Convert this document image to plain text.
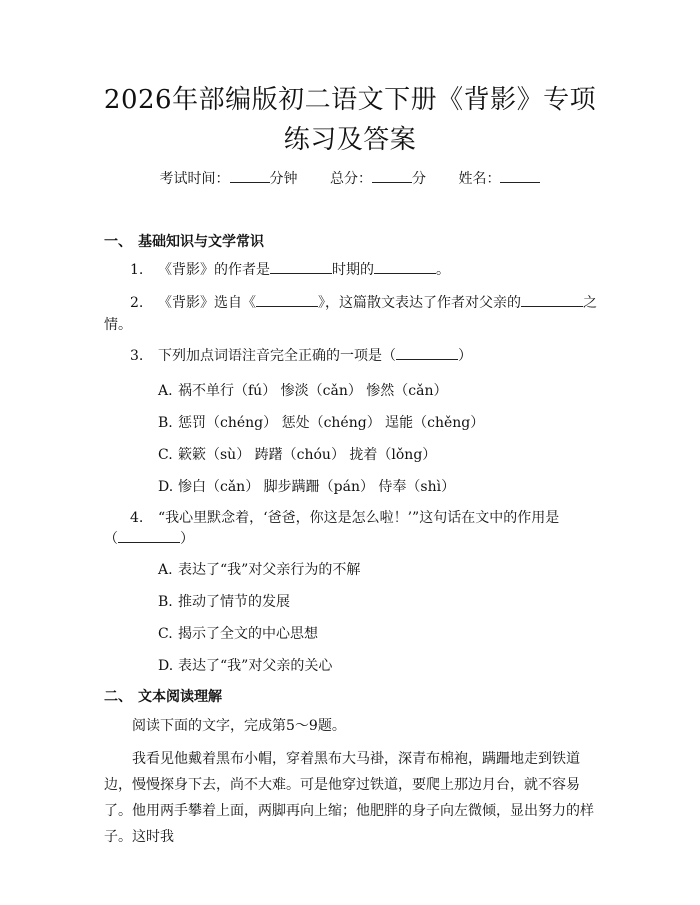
2026年部编版初二语文下册《背影》专项练习及答案
考试时间：	分钟 总分：	分 姓名：
一、 基础知识与文学常识
1. 《背影》的作者是	时期的	。
2. 《背影》选自《	》，这篇散文表达了作者对父亲的	之
情。
3. 下列加点词语注音完全正确的一项是（	）
A. 祸不单行（fú） 惨淡（cǎn） 惨然（cǎn）
B. 惩罚（chéng） 惩处（chéng） 逞能（chěng）
C. 簌簌（sù） 踌躇（chóu） 拢着（lǒng）
D. 惨白（cǎn） 脚步蹒跚（pán） 侍奉（shì）
4. “我心里默念着，‘爸爸，你这是怎么啦！’”这句话在文中的作用是
（	）
A. 表达了“我”对父亲行为的不解
B. 推动了情节的发展
C. 揭示了全文的中心思想
D. 表达了“我”对父亲的关心
二、 文本阅读理解
阅读下面的文字，完成第5～9题。
我看见他戴着黑布小帽，穿着黑布大马褂，深青布棉袍，蹒跚地走到铁道边，慢慢探身下去，尚不大难。可是他穿过铁道，要爬上那边月台，就不容易了。他用两手攀着上面，两脚再向上缩；他肥胖的身子向左微倾，显出努力的样子。这时我
